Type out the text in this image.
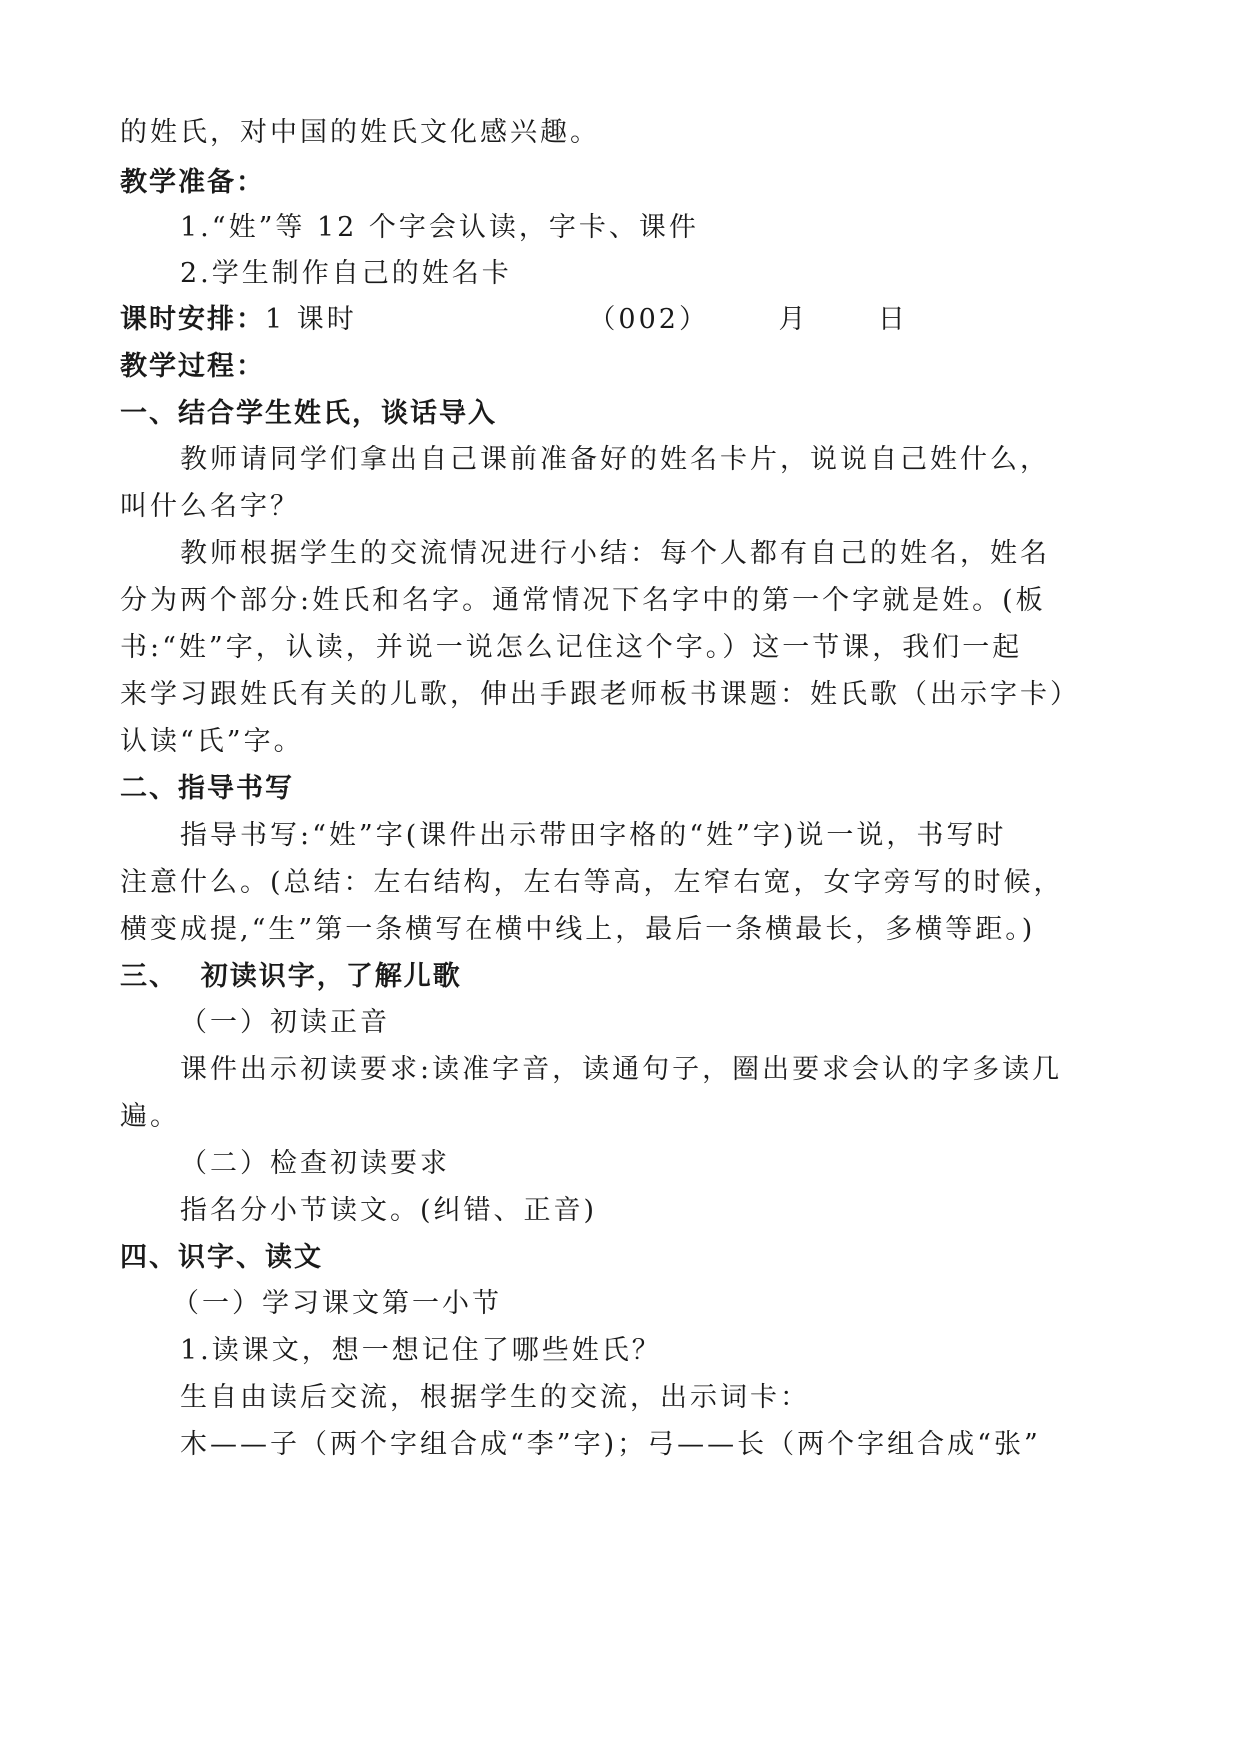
的姓氏，对中国的姓氏文化感兴趣。
教学准备：
1.“姓”等 12 个字会认读，字卡、课件
2.学生制作自己的姓名卡
课时安排：1 课时                    （002）      月      日
教学过程：
一、结合学生姓氏，谈话导入
教师请同学们拿出自己课前准备好的姓名卡片，说说自己姓什么，
叫什么名字？
教师根据学生的交流情况进行小结：每个人都有自己的姓名，姓名
分为两个部分:姓氏和名字。通常情况下名字中的第一个字就是姓。(板
书:“姓”字，认读，并说一说怎么记住这个字。）这一节课，我们一起
来学习跟姓氏有关的儿歌，伸出手跟老师板书课题：姓氏歌（出示字卡）
认读“氏”字。
二、指导书写
指导书写:“姓”字(课件出示带田字格的“姓”字)说一说，书写时
注意什么。(总结：左右结构，左右等高，左窄右宽，女字旁写的时候，
横变成提,“生”第一条横写在横中线上，最后一条横最长，多横等距。)
三、  初读识字，了解儿歌
（一）初读正音
课件出示初读要求:读准字音，读通句子，圈出要求会认的字多读几
遍。
（二）检查初读要求
指名分小节读文。(纠错、正音)
四、识字、读文
（一）学习课文第一小节
1.读课文，想一想记住了哪些姓氏？
生自由读后交流，根据学生的交流，出示词卡：
木——子（两个字组合成“李”字)；弓——长（两个字组合成“张”
